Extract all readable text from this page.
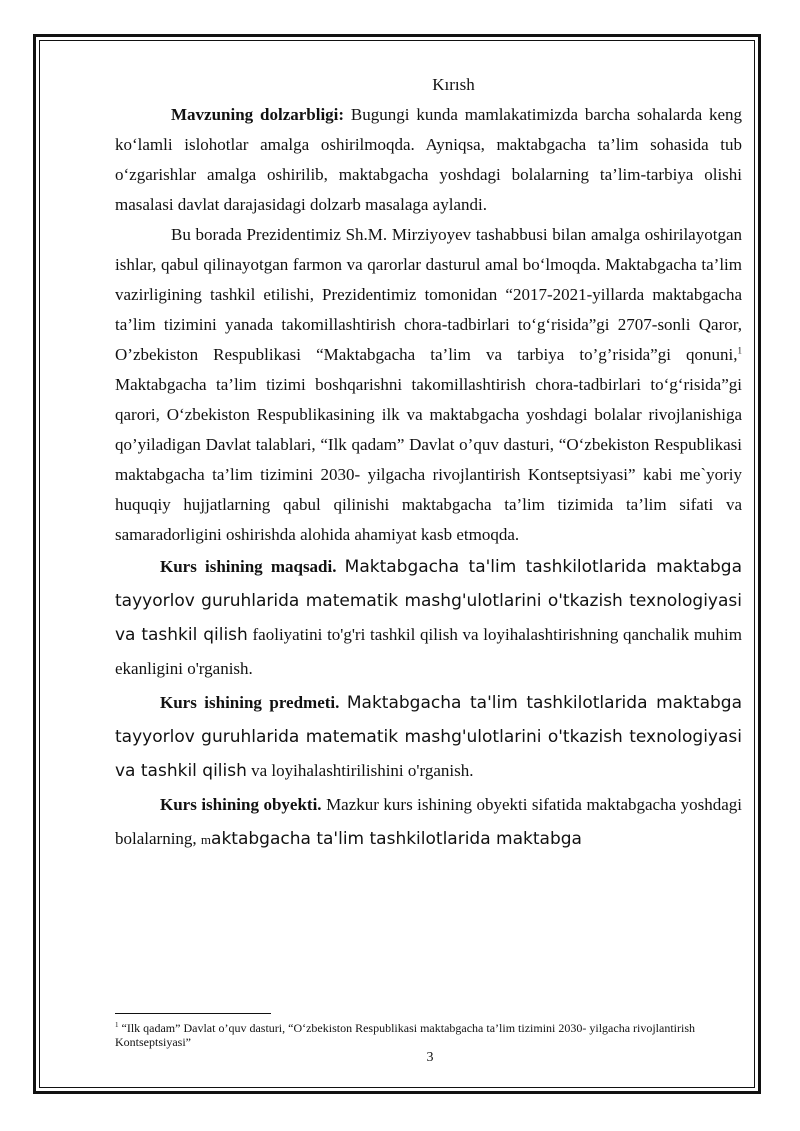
Kırısh

Mavzuning dolzarbligi: Bugungi kunda mamlakatimizda barcha sohalarda keng ko‘lamli islohotlar amalga oshirilmoqda. Ayniqsa, maktabgacha ta’lim sohasida tub o‘zgarishlar amalga oshirilib, maktabgacha yoshdagi bolalarning ta’lim-tarbiya olishi masalasi davlat darajasidagi dolzarb masalaga aylandi.

Bu borada Prezidentimiz Sh.M. Mirziyoyev tashabbusi bilan amalga oshirilayotgan ishlar, qabul qilinayotgan farmon va qarorlar dasturul amal bo‘lmoqda. Maktabgacha ta’lim vazirligining tashkil etilishi, Prezidentimiz tomonidan “2017-2021-yillarda maktabgacha ta’lim tizimini yanada takomillashtirish chora-tadbirlari to‘g‘risida”gi 2707-sonli Qaror, O’zbekiston Respublikasi “Maktabgacha ta’lim va tarbiya to’g’risida”gi qonuni,$^1$ Maktabgacha ta’lim tizimi boshqarishni takomillashtirish chora-tadbirlari to‘g‘risida”gi qarori, O‘zbekiston Respublikasining ilk va maktabgacha yoshdagi bolalar rivojlanishiga qo’yiladigan Davlat talablari, “Ilk qadam” Davlat o’quv dasturi, “O‘zbekiston Respublikasi maktabgacha ta’lim tizimini 2030- yilgacha rivojlantirish Kontseptsiyasi” kabi me`yoriy huquqiy hujjatlarning qabul qilinishi maktabgacha ta’lim tizimida ta’lim sifati va samaradorligini oshirishda alohida ahamiyat kasb etmoqda.

Kurs ishining maqsadi. Maktabgacha ta'lim tashkilotlarida maktabga tayyorlov guruhlarida matematik mashg'ulotlarini o'tkazish texnologiyasi va tashkil qilish faoliyatini to'g'ri tashkil qilish va loyihalashtirishning qanchalik muhim ekanligini o'rganish.

Kurs ishining predmeti. Maktabgacha ta'lim tashkilotlarida maktabga tayyorlov guruhlarida matematik mashg'ulotlarini o'tkazish texnologiyasi va tashkil qilish va loyihalashtirilishini o'rganish.

Kurs ishining obyekti. Mazkur kurs ishining obyekti sifatida maktabgacha yoshdagi bolalarning, maktabgacha ta'lim tashkilotlarida maktabga

$^1$ “Ilk qadam” Davlat o’quv dasturi, “O‘zbekiston Respublikasi maktabgacha ta’lim tizimini 2030- yilgacha rivojlantirish Kontseptsiyasi”

3
